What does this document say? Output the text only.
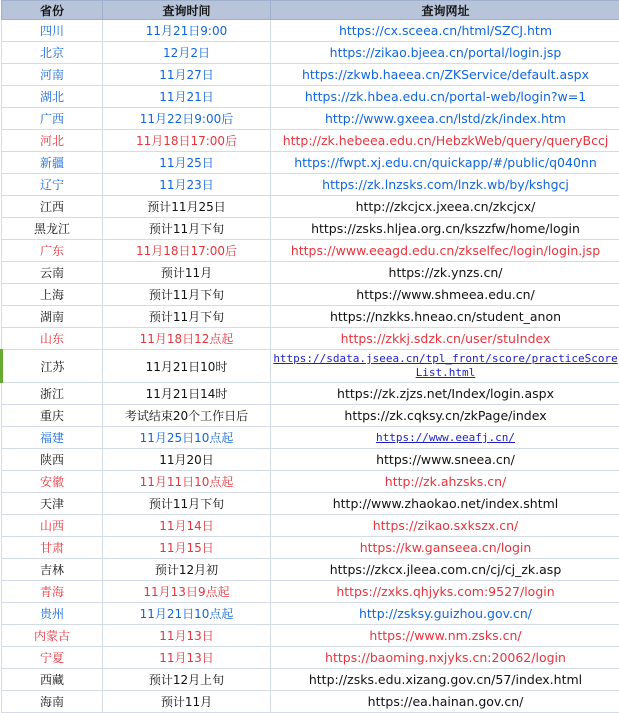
省份	查询时间	查询网址
四川	11月21日9:00	https://cx.sceea.cn/html/SZCJ.htm
北京	12月2日	https://zikao.bjeea.cn/portal/login.jsp
河南	11月27日	https://zkwb.haeea.cn/ZKService/default.aspx
湖北	11月21日	https://zk.hbea.edu.cn/portal-web/login?w=1
广西	11月22日9:00后	http://www.gxeea.cn/lstd/zk/index.htm
河北	11月18日17:00后	http://zk.hebeea.edu.cn/HebzkWeb/query/queryBccj
新疆	11月25日	https://fwpt.xj.edu.cn/quickapp/#/public/q040nn
辽宁	11月23日	https://zk.lnzsks.com/lnzk.wb/by/kshgcj
江西	预计11月25日	http://zkcjcx.jxeea.cn/zkcjcx/
黑龙江	预计11月下旬	https://zsks.hljea.org.cn/kszzfw/home/login
广东	11月18日17:00后	https://www.eeagd.edu.cn/zkselfec/login/login.jsp
云南	预计11月	https://zk.ynzs.cn/
上海	预计11月下旬	https://www.shmeea.edu.cn/
湖南	预计11月下旬	https://nzkks.hneao.cn/student_anon
山东	11月18日12点起	https://zkkj.sdzk.cn/user/stuIndex
江苏	11月21日10时	https://sdata.jseea.cn/tpl_front/score/practiceScoreList.html
浙江	11月21日14时	https://zk.zjzs.net/Index/login.aspx
重庆	考试结束20个工作日后	https://zk.cqksy.cn/zkPage/index
福建	11月25日10点起	https://www.eeafj.cn/
陕西	11月20日	https://www.sneea.cn/
安徽	11月11日10点起	http://zk.ahzsks.cn/
天津	预计11月下旬	http://www.zhaokao.net/index.shtml
山西	11月14日	https://zikao.sxkszx.cn/
甘肃	11月15日	https://kw.ganseea.cn/login
吉林	预计12月初	https://zkcx.jleea.com.cn/cj/cj_zk.asp
青海	11月13日9点起	https://zxks.qhjyks.com:9527/login
贵州	11月21日10点起	http://zsksy.guizhou.gov.cn/
内蒙古	11月13日	https://www.nm.zsks.cn/
宁夏	11月13日	https://baoming.nxjyks.cn:20062/login
西藏	预计12月上旬	http://zsks.edu.xizang.gov.cn/57/index.html
海南	预计11月	https://ea.hainan.gov.cn/
